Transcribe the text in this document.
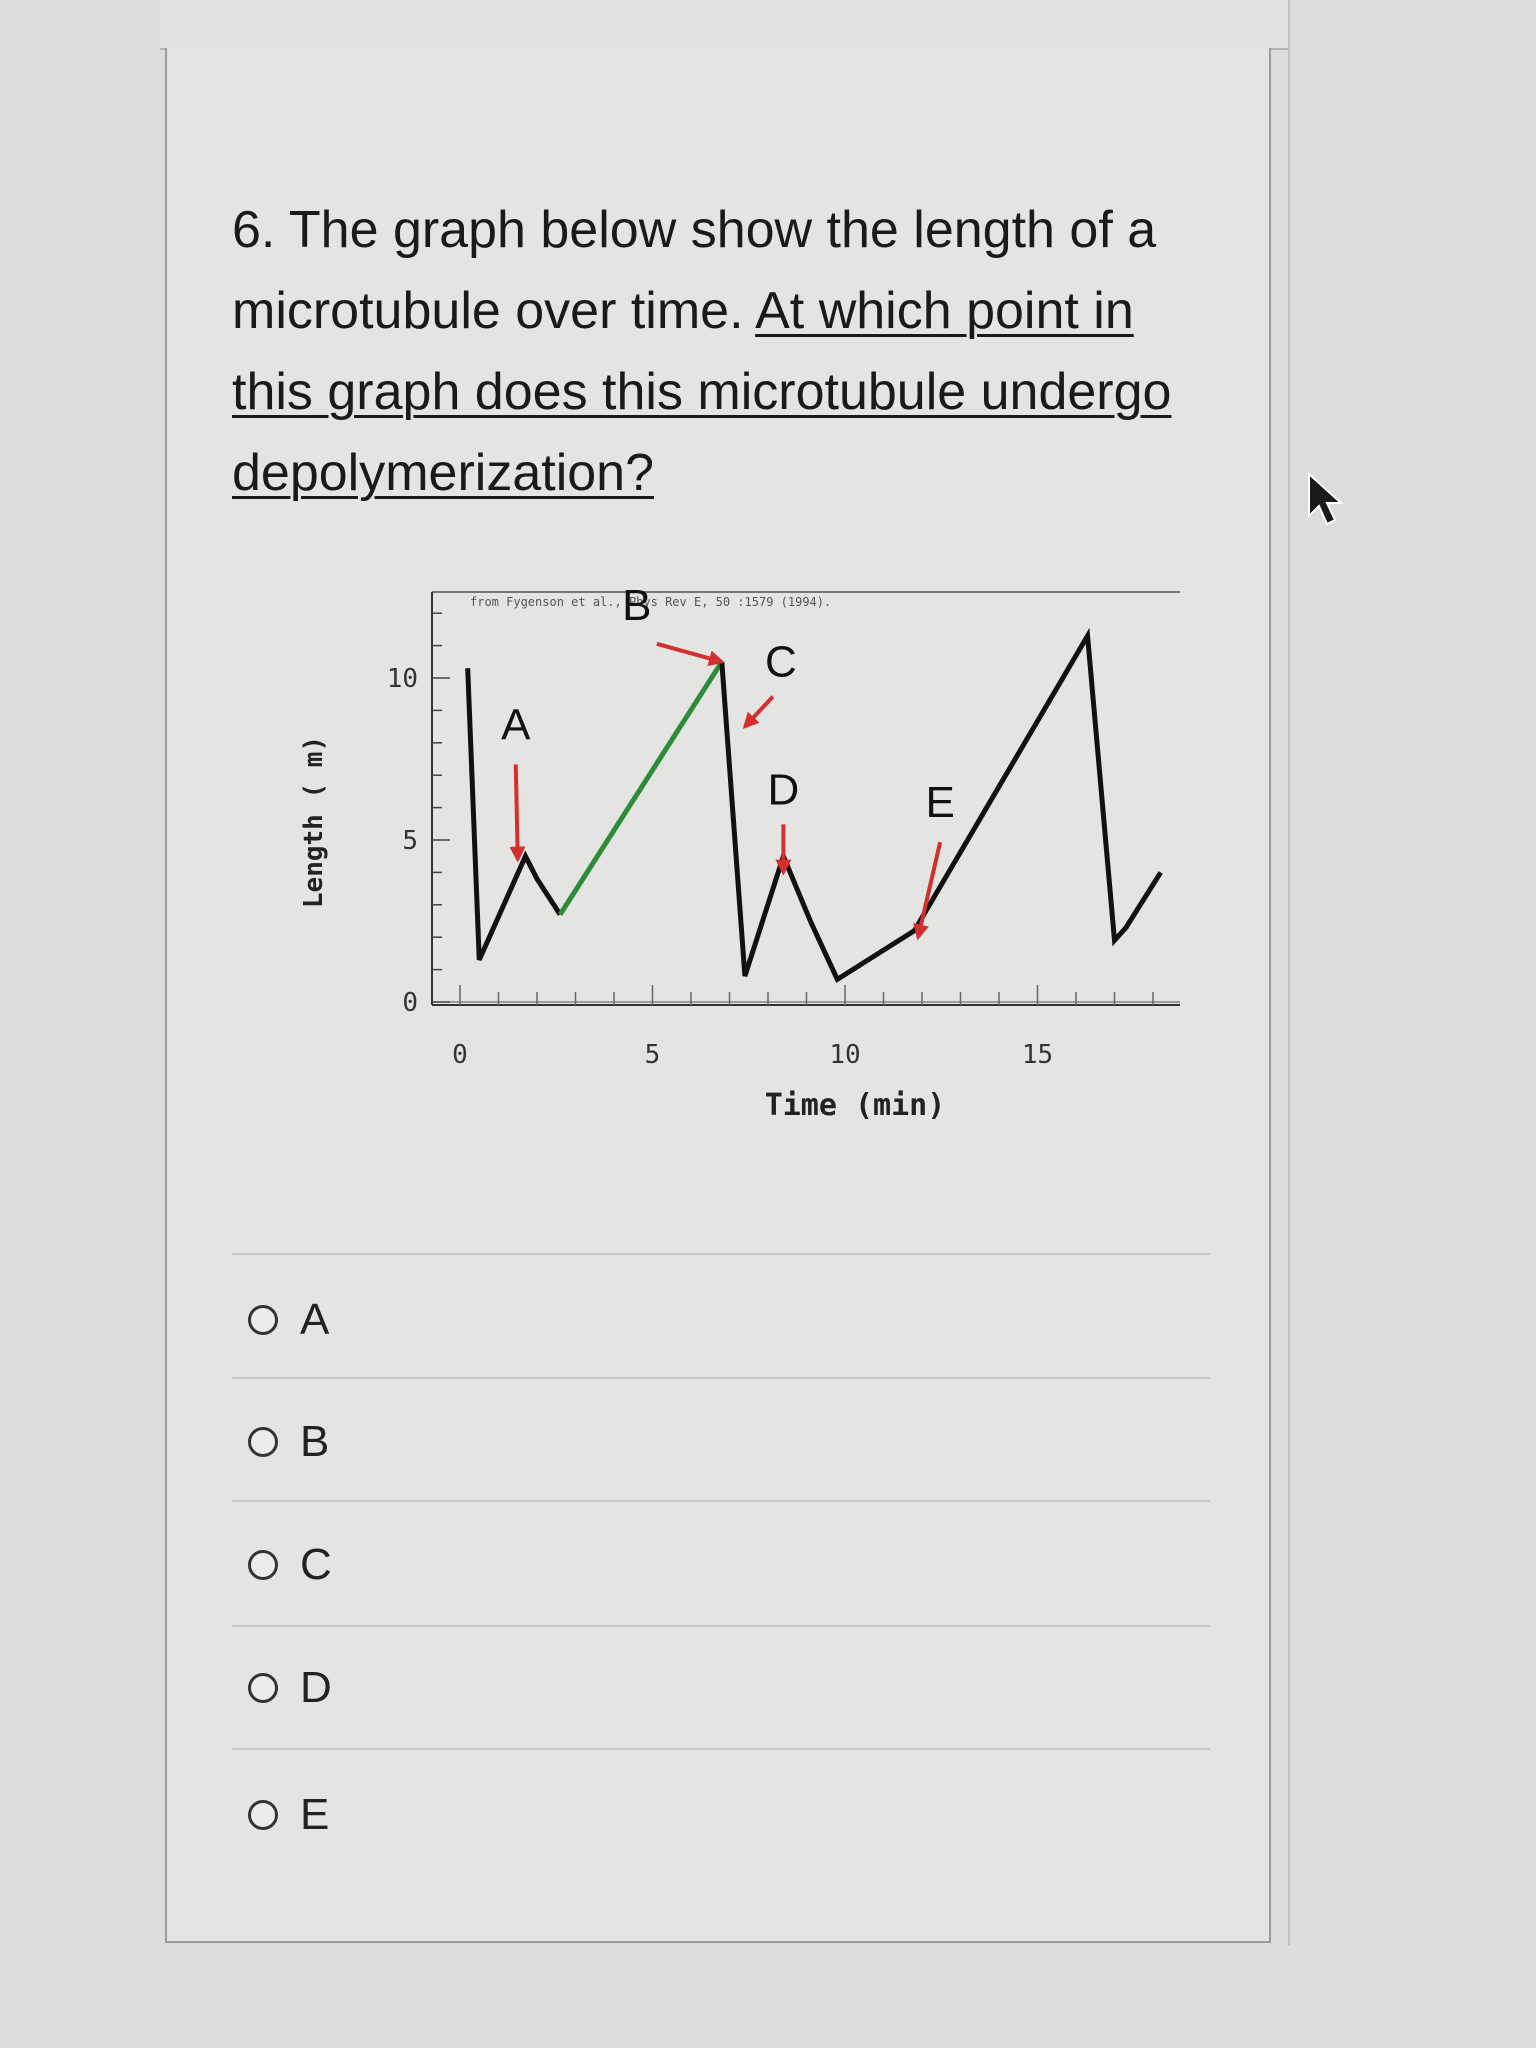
6. The graph below show the length of a microtubule over time. At which point in this graph does this microtubule undergo depolymerization?

from Fygenson et al., Phys Rev E, 50 :1579 (1994).
0
5
10
0	5	10	15
A
B
C
D	E
Length ( m)
Time (min)
A
B
C
D
E
